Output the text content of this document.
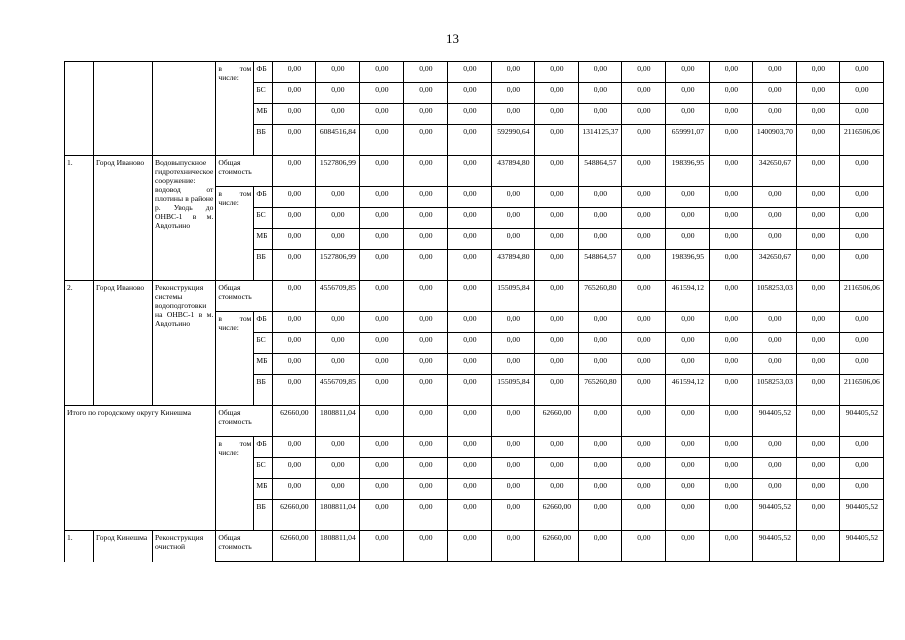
13
			в том числе:	ФБ	0,00	0,00	0,00	0,00	0,00	0,00	0,00	0,00	0,00	0,00	0,00	0,00	0,00	0,00
				БС	0,00	0,00	0,00	0,00	0,00	0,00	0,00	0,00	0,00	0,00	0,00	0,00	0,00	0,00
				МБ	0,00	0,00	0,00	0,00	0,00	0,00	0,00	0,00	0,00	0,00	0,00	0,00	0,00	0,00
				ВБ	0,00	6084516,84	0,00	0,00	0,00	592990,64	0,00	1314125,37	0,00	659991,07	0,00	1400903,70	0,00	2116506,06
1.	Город Иваново	Водовыпускное гидротехническое сооружение: водовод от плотины в районе р. Уводь до ОНВС-1 в м. Авдотьино	Общая стоимость		0,00	1527806,99	0,00	0,00	0,00	437894,80	0,00	548864,57	0,00	198396,95	0,00	342650,67	0,00	0,00
			в том числе:	ФБ	0,00	0,00	0,00	0,00	0,00	0,00	0,00	0,00	0,00	0,00	0,00	0,00	0,00	0,00
				БС	0,00	0,00	0,00	0,00	0,00	0,00	0,00	0,00	0,00	0,00	0,00	0,00	0,00	0,00
				МБ	0,00	0,00	0,00	0,00	0,00	0,00	0,00	0,00	0,00	0,00	0,00	0,00	0,00	0,00
				ВБ	0,00	1527806,99	0,00	0,00	0,00	437894,80	0,00	548864,57	0,00	198396,95	0,00	342650,67	0,00	0,00
2.	Город Иваново	Реконструкция системы водоподготовки на ОНВС-1 в м. Авдотьино	Общая стоимость		0,00	4556709,85	0,00	0,00	0,00	155095,84	0,00	765260,80	0,00	461594,12	0,00	1058253,03	0,00	2116506,06
			в том числе:	ФБ	0,00	0,00	0,00	0,00	0,00	0,00	0,00	0,00	0,00	0,00	0,00	0,00	0,00	0,00
				БС	0,00	0,00	0,00	0,00	0,00	0,00	0,00	0,00	0,00	0,00	0,00	0,00	0,00	0,00
				МБ	0,00	0,00	0,00	0,00	0,00	0,00	0,00	0,00	0,00	0,00	0,00	0,00	0,00	0,00
				ВБ	0,00	4556709,85	0,00	0,00	0,00	155095,84	0,00	765260,80	0,00	461594,12	0,00	1058253,03	0,00	2116506,06
Итого по городскому округу Кинешма			Общая стоимость		62660,00	1808811,04	0,00	0,00	0,00	0,00	62660,00	0,00	0,00	0,00	0,00	904405,52	0,00	904405,52
			в том числе:	ФБ	0,00	0,00	0,00	0,00	0,00	0,00	0,00	0,00	0,00	0,00	0,00	0,00	0,00	0,00
				БС	0,00	0,00	0,00	0,00	0,00	0,00	0,00	0,00	0,00	0,00	0,00	0,00	0,00	0,00
				МБ	0,00	0,00	0,00	0,00	0,00	0,00	0,00	0,00	0,00	0,00	0,00	0,00	0,00	0,00
				ВБ	62660,00	1808811,04	0,00	0,00	0,00	0,00	62660,00	0,00	0,00	0,00	0,00	904405,52	0,00	904405,52
1.	Город Кинешма	Реконструкция очистной	Общая стоимость		62660,00	1808811,04	0,00	0,00	0,00	0,00	62660,00	0,00	0,00	0,00	0,00	904405,52	0,00	904405,52
